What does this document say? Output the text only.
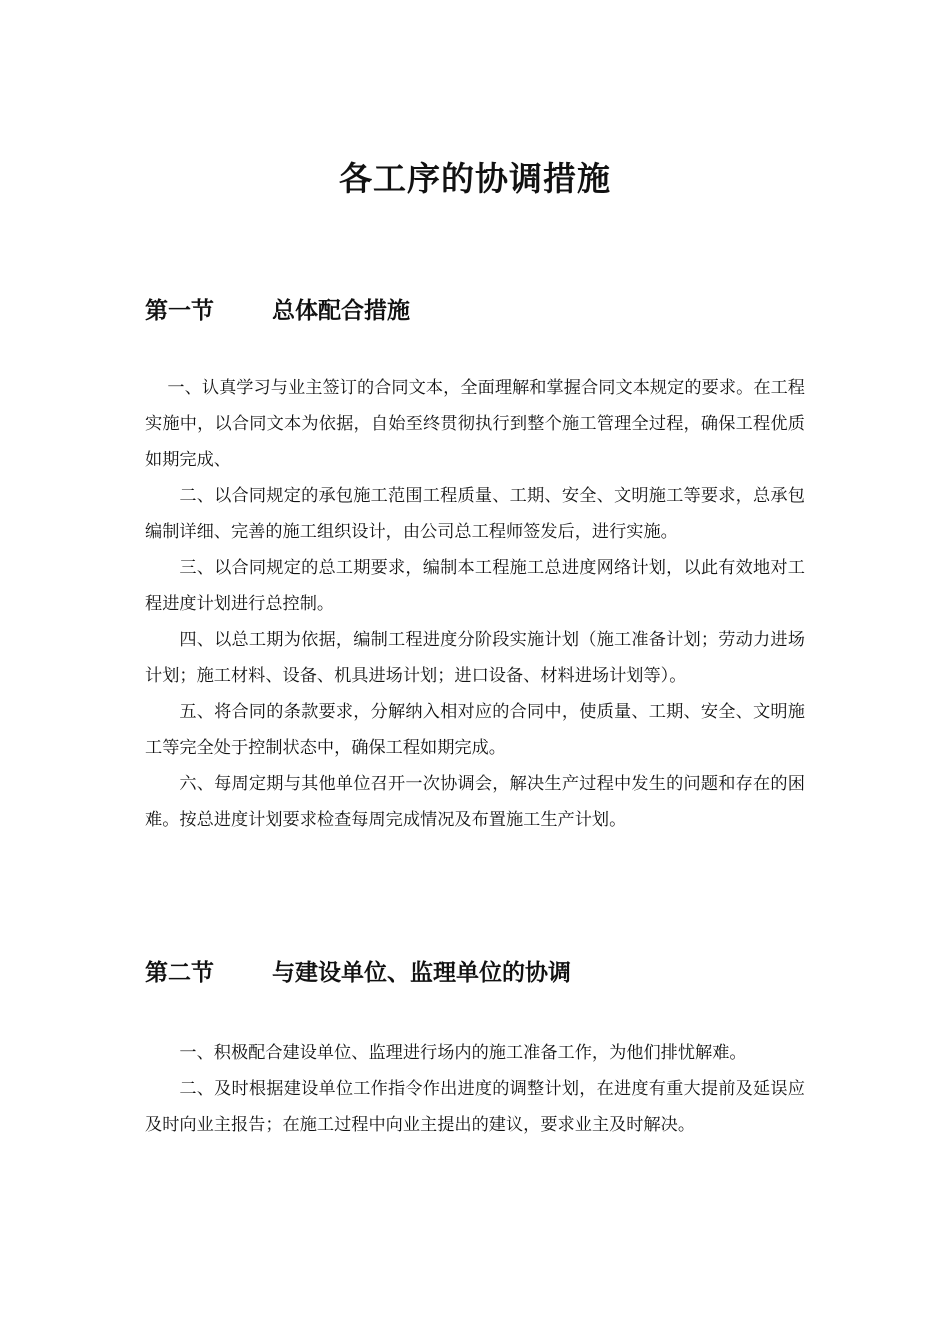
各工序的协调措施
第一节	总体配合措施

一、认真学习与业主签订的合同文本，全面理解和掌握合同文本规定的要求。在工程实施中，以合同文本为依据，自始至终贯彻执行到整个施工管理全过程，确保工程优质如期完成、

二、以合同规定的承包施工范围工程质量、工期、安全、文明施工等要求，总承包编制详细、完善的施工组织设计，由公司总工程师签发后，进行实施。

三、以合同规定的总工期要求，编制本工程施工总进度网络计划，以此有效地对工程进度计划进行总控制。

四、以总工期为依据，编制工程进度分阶段实施计划（施工准备计划；劳动力进场计划；施工材料、设备、机具进场计划；进口设备、材料进场计划等）。

五、将合同的条款要求，分解纳入相对应的合同中，使质量、工期、安全、文明施工等完全处于控制状态中，确保工程如期完成。

六、每周定期与其他单位召开一次协调会，解决生产过程中发生的问题和存在的困难。按总进度计划要求检查每周完成情况及布置施工生产计划。

第二节	与建设单位、监理单位的协调

一、积极配合建设单位、监理进行场内的施工准备工作，为他们排忧解难。

二、及时根据建设单位工作指令作出进度的调整计划，在进度有重大提前及延误应及时向业主报告；在施工过程中向业主提出的建议，要求业主及时解决。
